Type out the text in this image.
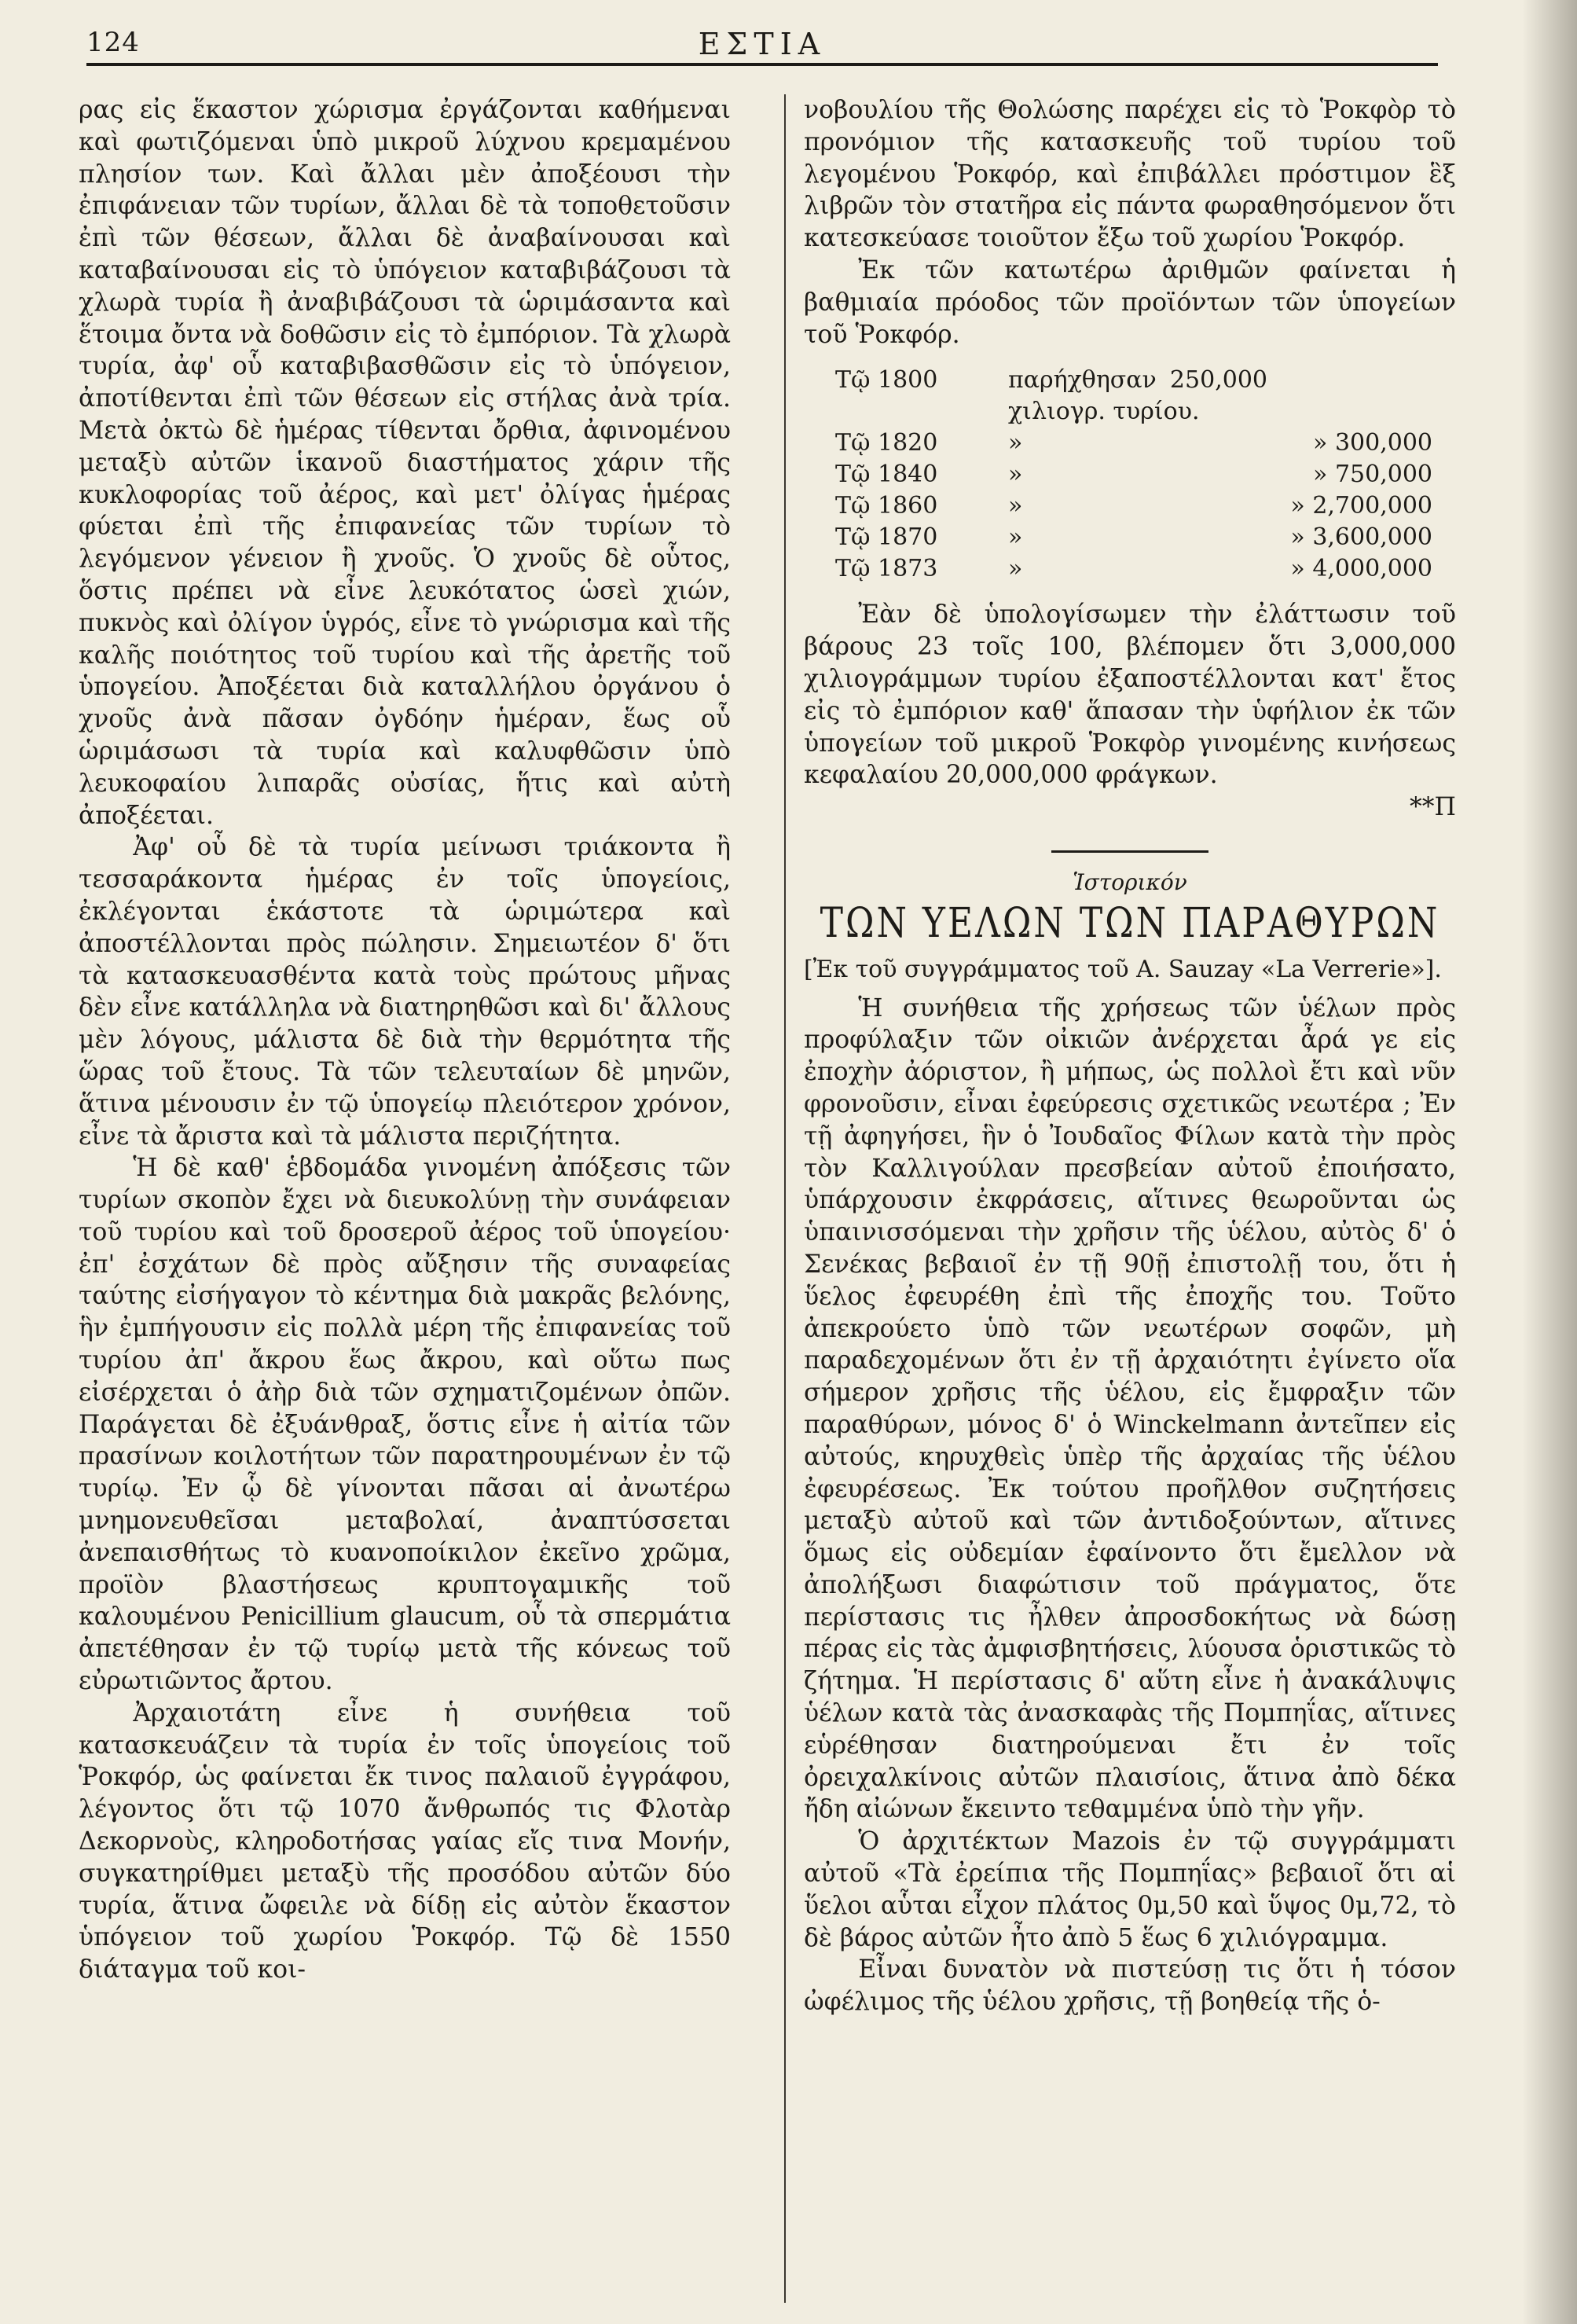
124	ΕΣΤΙΑ

ρας εἰς ἕκαστον χώρισμα ἐργάζονται καθήμεναι καὶ φωτιζόμεναι ὑπὸ μικροῦ λύχνου κρεμαμένου πλησίον των. Καὶ ἄλλαι μὲν ἀποξέουσι τὴν ἐπιφάνειαν τῶν τυρίων, ἄλλαι δὲ τὰ τοποθετοῦσιν ἐπὶ τῶν θέσεων, ἄλλαι δὲ ἀναβαίνουσαι καὶ καταβαίνουσαι εἰς τὸ ὑπόγειον καταβιβάζουσι τὰ χλωρὰ τυρία ἢ ἀναβιβάζουσι τὰ ὡριμάσαντα καὶ ἕτοιμα ὄντα νὰ δοθῶσιν εἰς τὸ ἐμπόριον. Τὰ χλωρὰ τυρία, ἀφ' οὗ καταβιβασθῶσιν εἰς τὸ ὑπόγειον, ἀποτίθενται ἐπὶ τῶν θέσεων εἰς στήλας ἀνὰ τρία. Μετὰ ὀκτὼ δὲ ἡμέρας τίθενται ὄρθια, ἀφινομένου μεταξὺ αὐτῶν ἱκανοῦ διαστήματος χάριν τῆς κυκλοφορίας τοῦ ἀέρος, καὶ μετ' ὀλίγας ἡμέρας φύεται ἐπὶ τῆς ἐπιφανείας τῶν τυρίων τὸ λεγόμενον γένειον ἢ χνοῦς. Ὁ χνοῦς δὲ οὗτος, ὅστις πρέπει νὰ εἶνε λευκότατος ὡσεὶ χιών, πυκνὸς καὶ ὀλίγον ὑγρός, εἶνε τὸ γνώρισμα καὶ τῆς καλῆς ποιότητος τοῦ τυρίου καὶ τῆς ἀρετῆς τοῦ ὑπογείου. Ἀποξέεται διὰ καταλλήλου ὀργάνου ὁ χνοῦς ἀνὰ πᾶσαν ὀγδόην ἡμέραν, ἕως οὗ ὡριμάσωσι τὰ τυρία καὶ καλυφθῶσιν ὑπὸ λευκοφαίου λιπαρᾶς οὐσίας, ἥτις καὶ αὐτὴ ἀποξέεται.

Ἀφ' οὗ δὲ τὰ τυρία μείνωσι τριάκοντα ἢ τεσσαράκοντα ἡμέρας ἐν τοῖς ὑπογείοις, ἐκλέγονται ἑκάστοτε τὰ ὡριμώτερα καὶ ἀποστέλλονται πρὸς πώλησιν. Σημειωτέον δ' ὅτι τὰ κατασκευασθέντα κατὰ τοὺς πρώτους μῆνας δὲν εἶνε κατάλληλα νὰ διατηρηθῶσι καὶ δι' ἄλλους μὲν λόγους, μάλιστα δὲ διὰ τὴν θερμότητα τῆς ὥρας τοῦ ἔτους. Τὰ τῶν τελευταίων δὲ μηνῶν, ἅτινα μένουσιν ἐν τῷ ὑπογείῳ πλειότερον χρόνον, εἶνε τὰ ἄριστα καὶ τὰ μάλιστα περιζήτητα.

Ἡ δὲ καθ' ἑβδομάδα γινομένη ἀπόξεσις τῶν τυρίων σκοπὸν ἔχει νὰ διευκολύνῃ τὴν συνάφειαν τοῦ τυρίου καὶ τοῦ δροσεροῦ ἀέρος τοῦ ὑπογείου· ἐπ' ἐσχάτων δὲ πρὸς αὔξησιν τῆς συναφείας ταύτης εἰσήγαγον τὸ κέντημα διὰ μακρᾶς βελόνης, ἣν ἐμπήγουσιν εἰς πολλὰ μέρη τῆς ἐπιφανείας τοῦ τυρίου ἀπ' ἄκρου ἕως ἄκρου, καὶ οὕτω πως εἰσέρχεται ὁ ἀὴρ διὰ τῶν σχηματιζομένων ὀπῶν. Παράγεται δὲ ἐξυάνθραξ, ὅστις εἶνε ἡ αἰτία τῶν πρασίνων κοιλοτήτων τῶν παρατηρουμένων ἐν τῷ τυρίῳ. Ἐν ᾧ δὲ γίνονται πᾶσαι αἱ ἀνωτέρω μνημονευθεῖσαι μεταβολαί, ἀναπτύσσεται ἀνεπαισθήτως τὸ κυανοποίκιλον ἐκεῖνο χρῶμα, προϊὸν βλαστήσεως κρυπτογαμικῆς τοῦ καλουμένου Penicillium glaucum, οὗ τὰ σπερμάτια ἀπετέθησαν ἐν τῷ τυρίῳ μετὰ τῆς κόνεως τοῦ εὐρωτιῶντος ἄρτου.

Ἀρχαιοτάτη εἶνε ἡ συνήθεια τοῦ κατασκευάζειν τὰ τυρία ἐν τοῖς ὑπογείοις τοῦ Ῥοκφόρ, ὡς φαίνεται ἔκ τινος παλαιοῦ ἐγγράφου, λέγοντος ὅτι τῷ 1070 ἄνθρωπός τις Φλοτὰρ Δεκορνοὺς, κληροδοτήσας γαίας εἴς τινα Μονήν, συγκατηρίθμει μεταξὺ τῆς προσόδου αὐτῶν δύο τυρία, ἅτινα ὤφειλε νὰ δίδῃ εἰς αὐτὸν ἕκαστον ὑπόγειον τοῦ χωρίου Ῥοκφόρ. Τῷ δὲ 1550 διάταγμα τοῦ κοι-

νοβουλίου τῆς Θολώσης παρέχει εἰς τὸ Ῥοκφὸρ τὸ προνόμιον τῆς κατασκευῆς τοῦ τυρίου τοῦ λεγομένου Ῥοκφόρ, καὶ ἐπιβάλλει πρόστιμον ἓξ λιβρῶν τὸν στατῆρα εἰς πάντα φωραθησόμενον ὅτι κατεσκεύασε τοιοῦτον ἔξω τοῦ χωρίου Ῥοκφόρ.

Ἐκ τῶν κατωτέρω ἀριθμῶν φαίνεται ἡ βαθμιαία πρόοδος τῶν προϊόντων τῶν ὑπογείων τοῦ Ῥοκφόρ.

Τῷ 1800	παρήχθησαν 250,000 χιλιογρ. τυρίου.
Τῷ 1820	»	» 300,000
Τῷ 1840	»	» 750,000
Τῷ 1860	»	» 2,700,000
Τῷ 1870	»	» 3,600,000
Τῷ 1873	»	» 4,000,000

Ἐὰν δὲ ὑπολογίσωμεν τὴν ἐλάττωσιν τοῦ βάρους 23 τοῖς 100, βλέπομεν ὅτι 3,000,000 χιλιογράμμων τυρίου ἐξαποστέλλονται κατ' ἔτος εἰς τὸ ἐμπόριον καθ' ἅπασαν τὴν ὑφήλιον ἐκ τῶν ὑπογείων τοῦ μικροῦ Ῥοκφὸρ γινομένης κινήσεως κεφαλαίου 20,000,000 φράγκων.

**Π

Ἱστορικόν
ΤΩΝ ΥΕΛΩΝ ΤΩΝ ΠΑΡΑΘΥΡΩΝ

[Ἐκ τοῦ συγγράμματος τοῦ A. Sauzay «La Verrerie»].

Ἡ συνήθεια τῆς χρήσεως τῶν ὑέλων πρὸς προφύλαξιν τῶν οἰκιῶν ἀνέρχεται ἆρά γε εἰς ἐποχὴν ἀόριστον, ἢ μήπως, ὡς πολλοὶ ἔτι καὶ νῦν φρονοῦσιν, εἶναι ἐφεύρεσις σχετικῶς νεωτέρα ; Ἐν τῇ ἀφηγήσει, ἣν ὁ Ἰουδαῖος Φίλων κατὰ τὴν πρὸς τὸν Καλλιγούλαν πρεσβείαν αὐτοῦ ἐποιήσατο, ὑπάρχουσιν ἐκφράσεις, αἵτινες θεωροῦνται ὡς ὑπαινισσόμεναι τὴν χρῆσιν τῆς ὑέλου, αὐτὸς δ' ὁ Σενέκας βεβαιοῖ ἐν τῇ 90ῇ ἐπιστολῇ του, ὅτι ἡ ὕελος ἐφευρέθη ἐπὶ τῆς ἐποχῆς του. Τοῦτο ἀπεκρούετο ὑπὸ τῶν νεωτέρων σοφῶν, μὴ παραδεχομένων ὅτι ἐν τῇ ἀρχαιότητι ἐγίνετο οἵα σήμερον χρῆσις τῆς ὑέλου, εἰς ἔμφραξιν τῶν παραθύρων, μόνος δ' ὁ Winckelmann ἀντεῖπεν εἰς αὐτούς, κηρυχθεὶς ὑπὲρ τῆς ἀρχαίας τῆς ὑέλου ἐφευρέσεως. Ἐκ τούτου προῆλθον συζητήσεις μεταξὺ αὐτοῦ καὶ τῶν ἀντιδοξούντων, αἵτινες ὅμως εἰς οὐδεμίαν ἐφαίνοντο ὅτι ἔμελλον νὰ ἀπολήξωσι διαφώτισιν τοῦ πράγματος, ὅτε περίστασις τις ἦλθεν ἀπροσδοκήτως νὰ δώσῃ πέρας εἰς τὰς ἀμφισβητήσεις, λύουσα ὁριστικῶς τὸ ζήτημα. Ἡ περίστασις δ' αὕτη εἶνε ἡ ἀνακάλυψις ὑέλων κατὰ τὰς ἀνασκαφὰς τῆς Πομπηΐας, αἵτινες εὑρέθησαν διατηρούμεναι ἔτι ἐν τοῖς ὀρειχαλκίνοις αὐτῶν πλαισίοις, ἅτινα ἀπὸ δέκα ἤδη αἰώνων ἔκειντο τεθαμμένα ὑπὸ τὴν γῆν.

Ὁ ἀρχιτέκτων Mazois ἐν τῷ συγγράμματι αὐτοῦ «Τὰ ἐρείπια τῆς Πομπηΐας» βεβαιοῖ ὅτι αἱ ὕελοι αὗται εἶχον πλάτος 0μ,50 καὶ ὕψος 0μ,72, τὸ δὲ βάρος αὐτῶν ἦτο ἀπὸ 5 ἕως 6 χιλιόγραμμα.

Εἶναι δυνατὸν νὰ πιστεύσῃ τις ὅτι ἡ τόσον ὠφέλιμος τῆς ὑέλου χρῆσις, τῇ βοηθείᾳ τῆς ὁ-
